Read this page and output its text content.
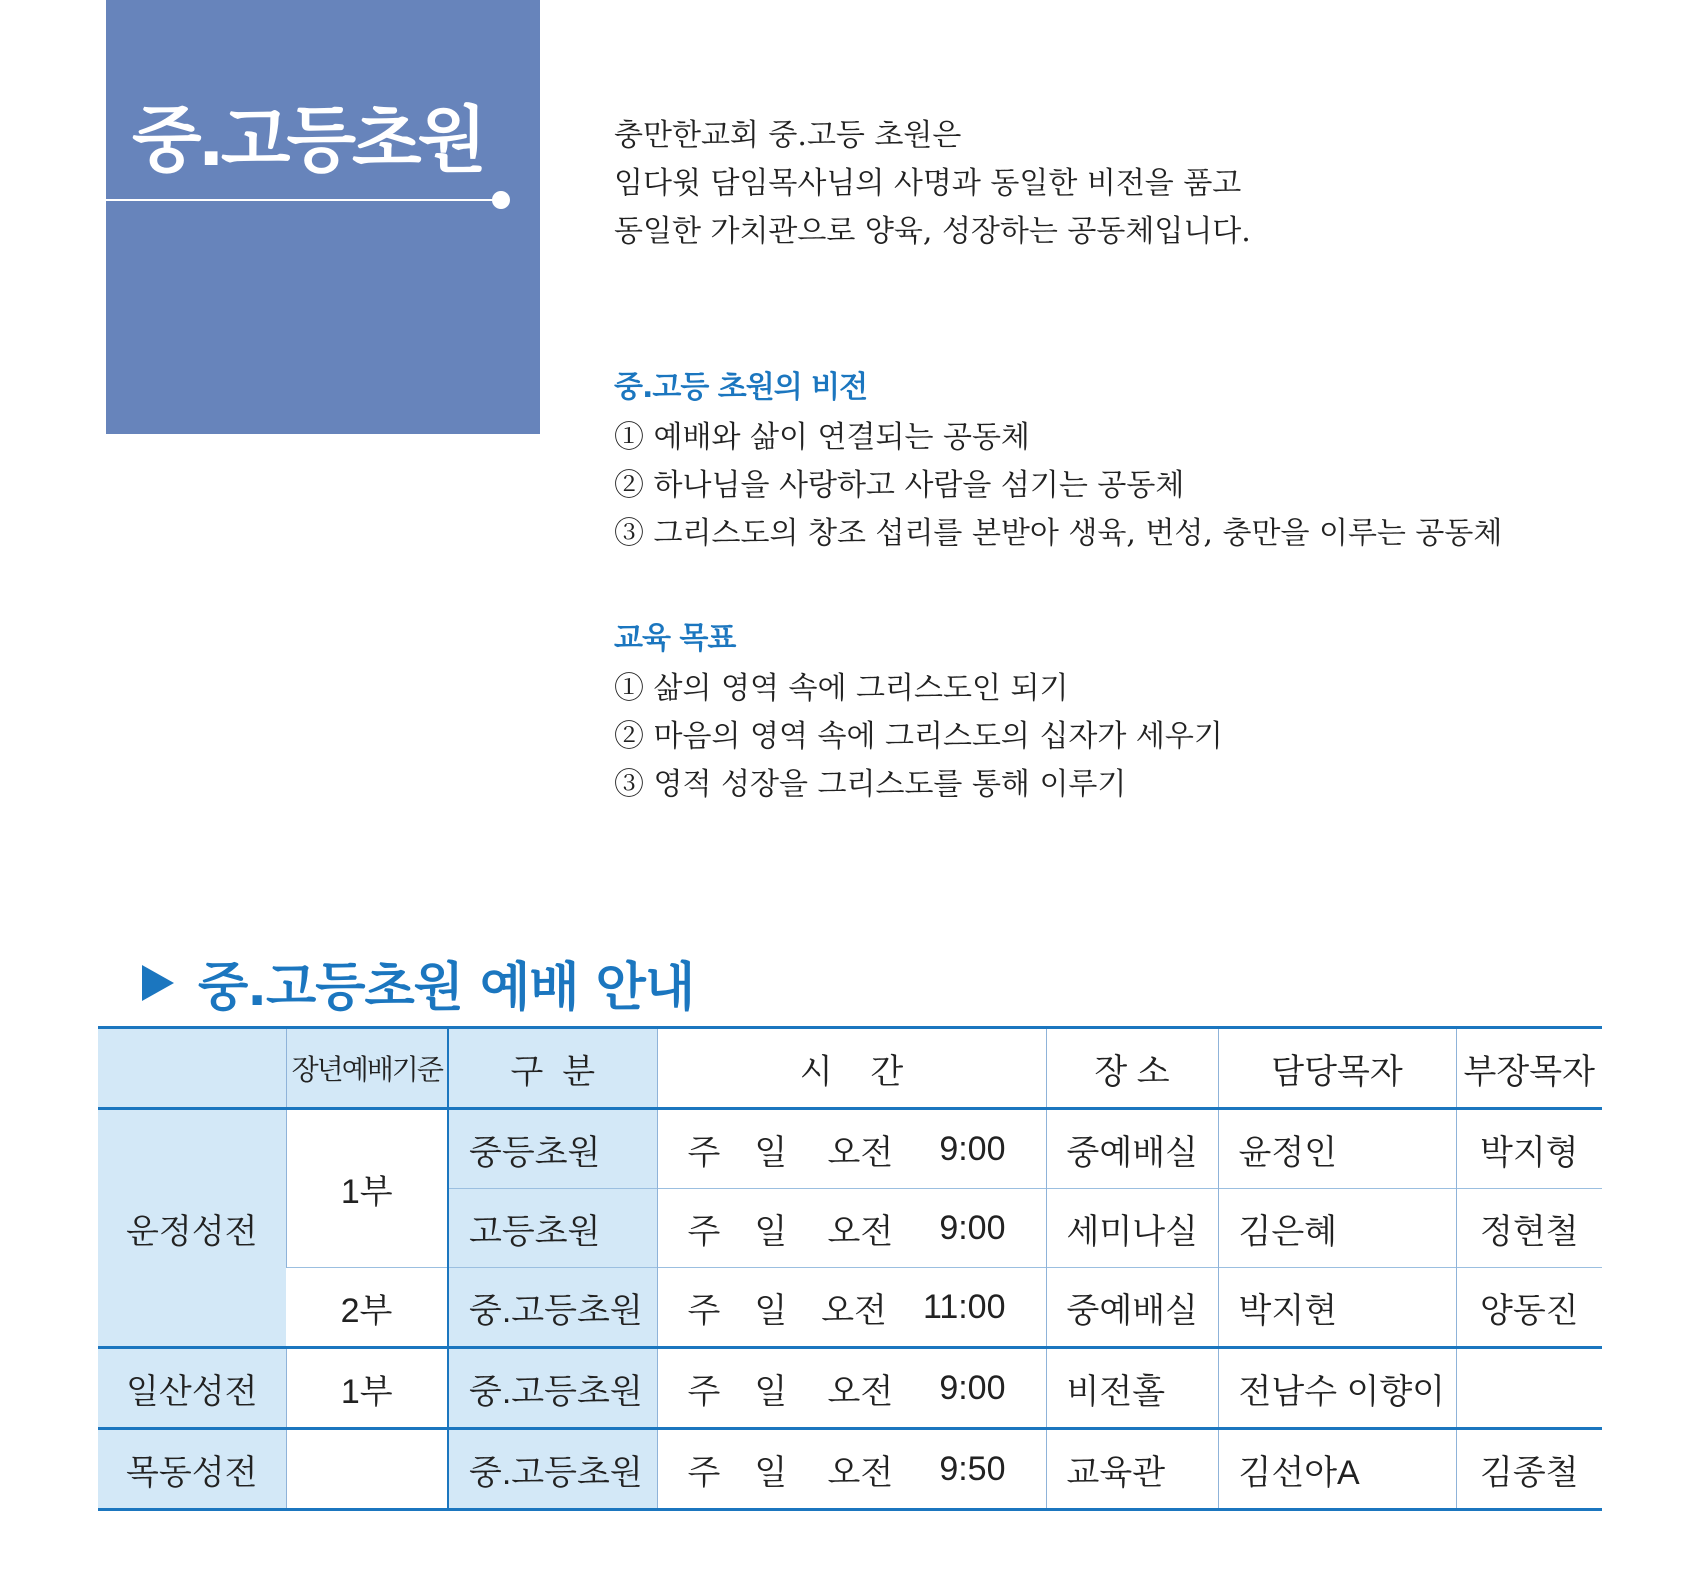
중.고등초원	충만한교회 중.고등 초원은

임다윗 담임목사님의 사명과 동일한 비전을 품고

동일한 가치관으로 양육, 성장하는 공동체입니다.

중.고등 초원의 비전

① 예배와 삶이 연결되는 공동체

② 하나님을 사랑하고 사람을 섬기는 공동체

③ 그리스도의 창조 섭리를 본받아 생육, 번성, 충만을 이루는 공동체

교육 목표

① 삶의 영역 속에 그리스도인 되기

② 마음의 영역 속에 그리스도의 십자가 세우기

③ 영적 성장을 그리스도를 통해 이루기

중.고등초원 예배 안내
	장년예배기준	구  분	시    간	장 소	담당목자	부장목자
운정성전	1부	중등초원	주일 오전 9:00	중예배실	윤정인	박지형
		고등초원	주일 오전 9:00	세미나실	김은혜	정현철
	2부	중.고등초원	주일 오전 11:00	중예배실	박지현	양동진
일산성전	1부	중.고등초원	주일 오전 9:00	비전홀	전남수 이향이	
목동성전		중.고등초원	주일 오전 9:50	교육관	김선아A	김종철
